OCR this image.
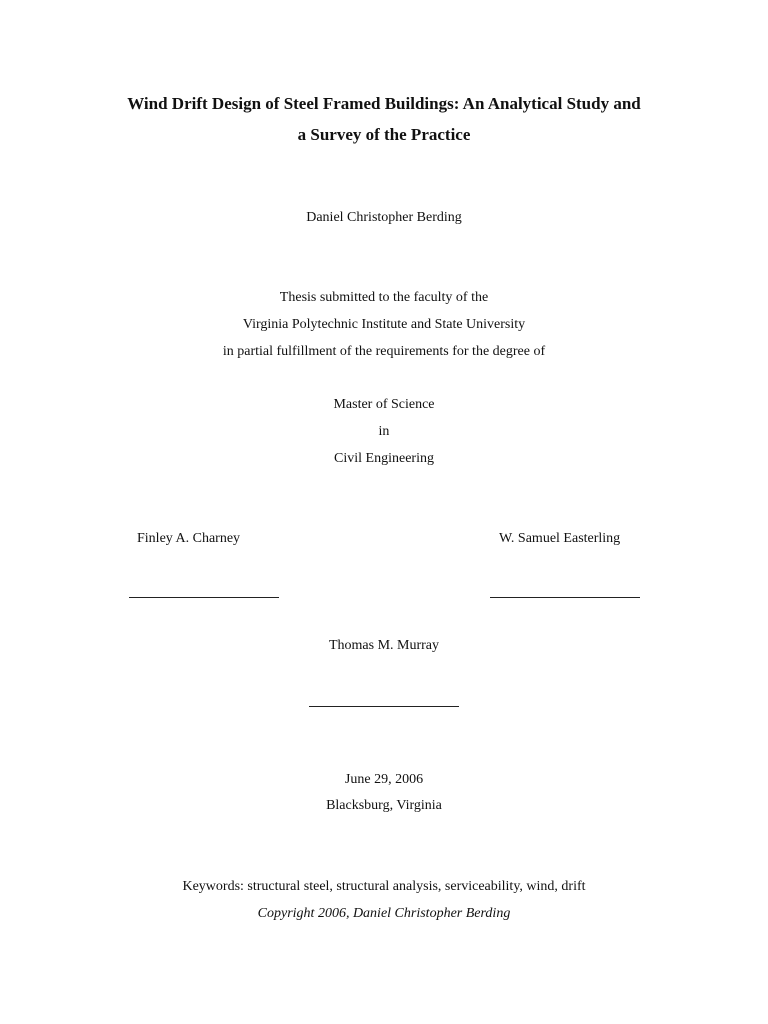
Wind Drift Design of Steel Framed Buildings: An Analytical Study and
a Survey of the Practice
Daniel Christopher Berding
Thesis submitted to the faculty of the
Virginia Polytechnic Institute and State University
in partial fulfillment of the requirements for the degree of
Master of Science
in
Civil Engineering
Finley A. Charney	W. Samuel Easterling
Thomas M. Murray
June 29, 2006
Blacksburg, Virginia
Keywords: structural steel, structural analysis, serviceability, wind, drift
Copyright 2006, Daniel Christopher Berding
